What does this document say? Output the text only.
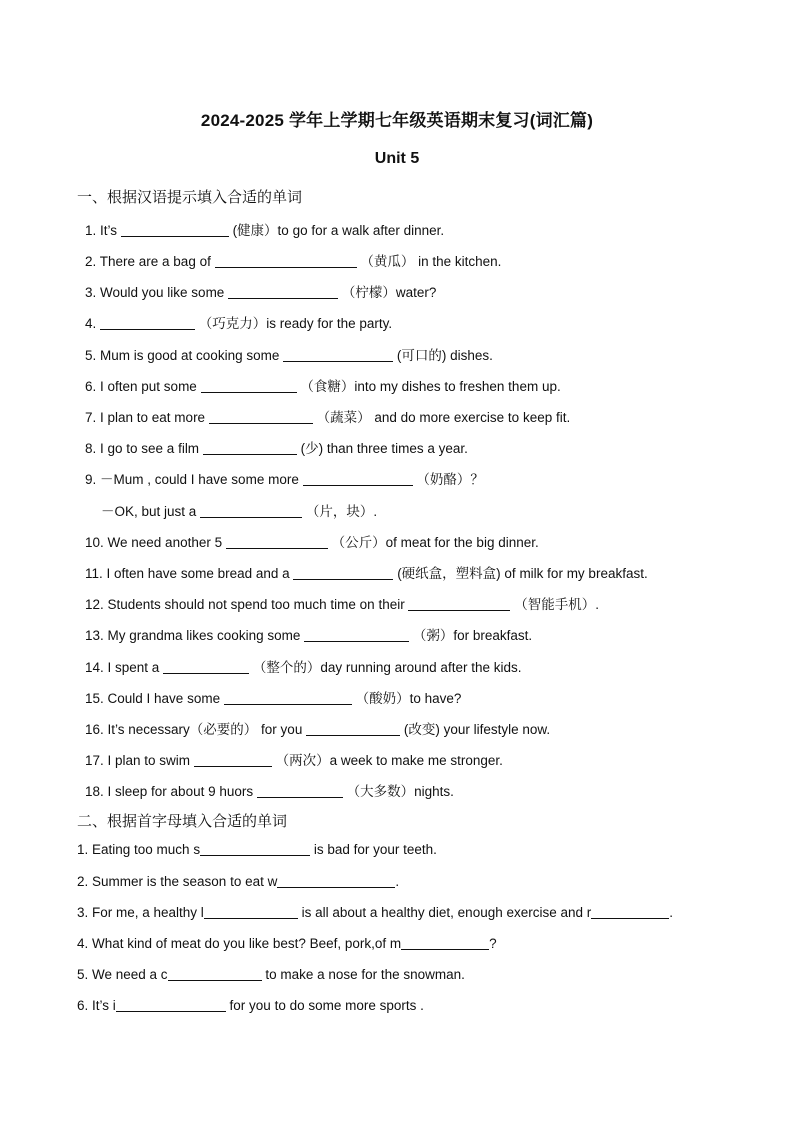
2024-2025 学年上学期七年级英语期末复习(词汇篇)
Unit 5
一、根据汉语提示填入合适的单词
1. It’s	(健康）to go for a walk after dinner.
2. There are a bag of	（黄瓜） in the kitchen.
3. Would you like some	（柠檬）water?
4.	（巧克力）is ready for the party.
5. Mum is good at cooking some	(可口的) dishes.
6. I often put some	（食糖）into my dishes to freshen them up.
7. I plan to eat more	（蔬菜） and do more exercise to keep fit.
8. I go to see a film	(少) than three times a year.
9. －Mum , could I have some more	（奶酪）？
－OK, but just a	（片，块）.
10. We need another 5	（公斤）of meat for the big dinner.
11. I often have some bread and a	(硬纸盒，塑料盒) of milk for my breakfast.
12. Students should not spend too much time on their	（智能手机）.
13. My grandma likes cooking some	（粥）for breakfast.
14. I spent a	（整个的）day running around after the kids.
15. Could I have some	（酸奶）to have?
16. It’s necessary（必要的） for you	(改变) your lifestyle now.
17. I plan to swim	（两次）a week to make me stronger.
18. I sleep for about 9 huors	（大多数）nights.
二、根据首字母填入合适的单词
1. Eating too much s	is bad for your teeth.
2. Summer is the season to eat w	.
3. For me, a healthy l	is all about a healthy diet, enough exercise and r	.
4. What kind of meat do you like best? Beef, pork,of m	?
5. We need a c	to make a nose for the snowman.
6. It’s i	for you to do some more sports .
